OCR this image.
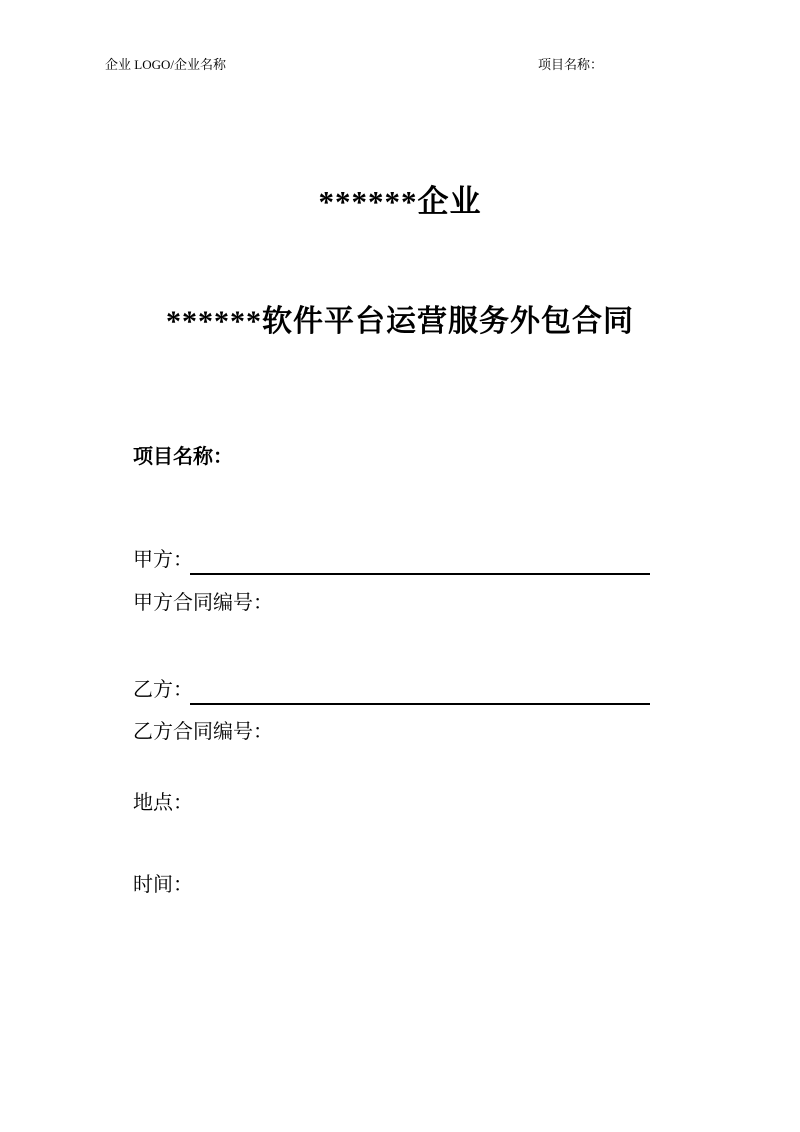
企业 LOGO/企业名称	项目名称：
******企业
******软件平台运营服务外包合同
项目名称：
甲方：
甲方合同编号：
乙方：
乙方合同编号：
地点：
时间：
